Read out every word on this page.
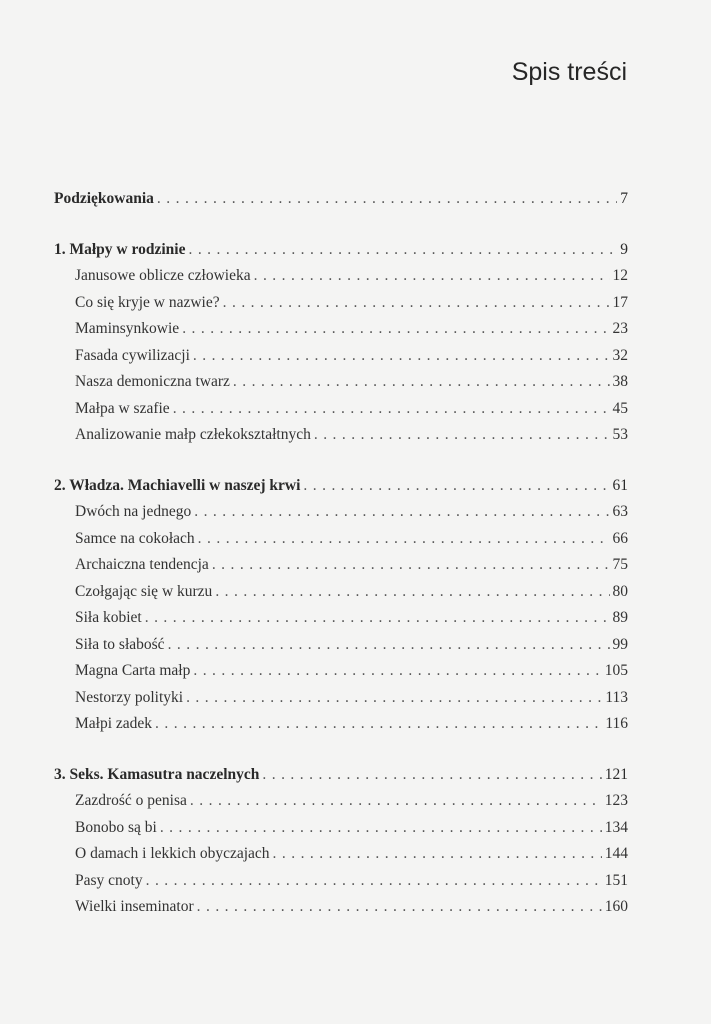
Spis treści
Podziękowania . . .	7
1. Małpy w rodzinie . . .	9
Janusowe oblicze człowieka . . .	12
Co się kryje w nazwie? . . .	17
Maminsynkowie . . .	23
Fasada cywilizacji . . .	32
Nasza demoniczna twarz . . .	38
Małpa w szafie . . .	45
Analizowanie małp człekokształtnych . . .	53
2. Władza. Machiavelli w naszej krwi . . .	61
Dwóch na jednego . . .	63
Samce na cokołach . . .	66
Archaiczna tendencja . . .	75
Czołgając się w kurzu . . .	80
Siła kobiet . . .	89
Siła to słabość . . .	99
Magna Carta małp . . .	105
Nestorzy polityki . . .	113
Małpi zadek . . .	116
3. Seks. Kamasutra naczelnych . . .	121
Zazdrość o penisa . . .	123
Bonobo są bi . . .	134
O damach i lekkich obyczajach . . .	144
Pasy cnoty . . .	151
Wielki inseminator . . .	160
